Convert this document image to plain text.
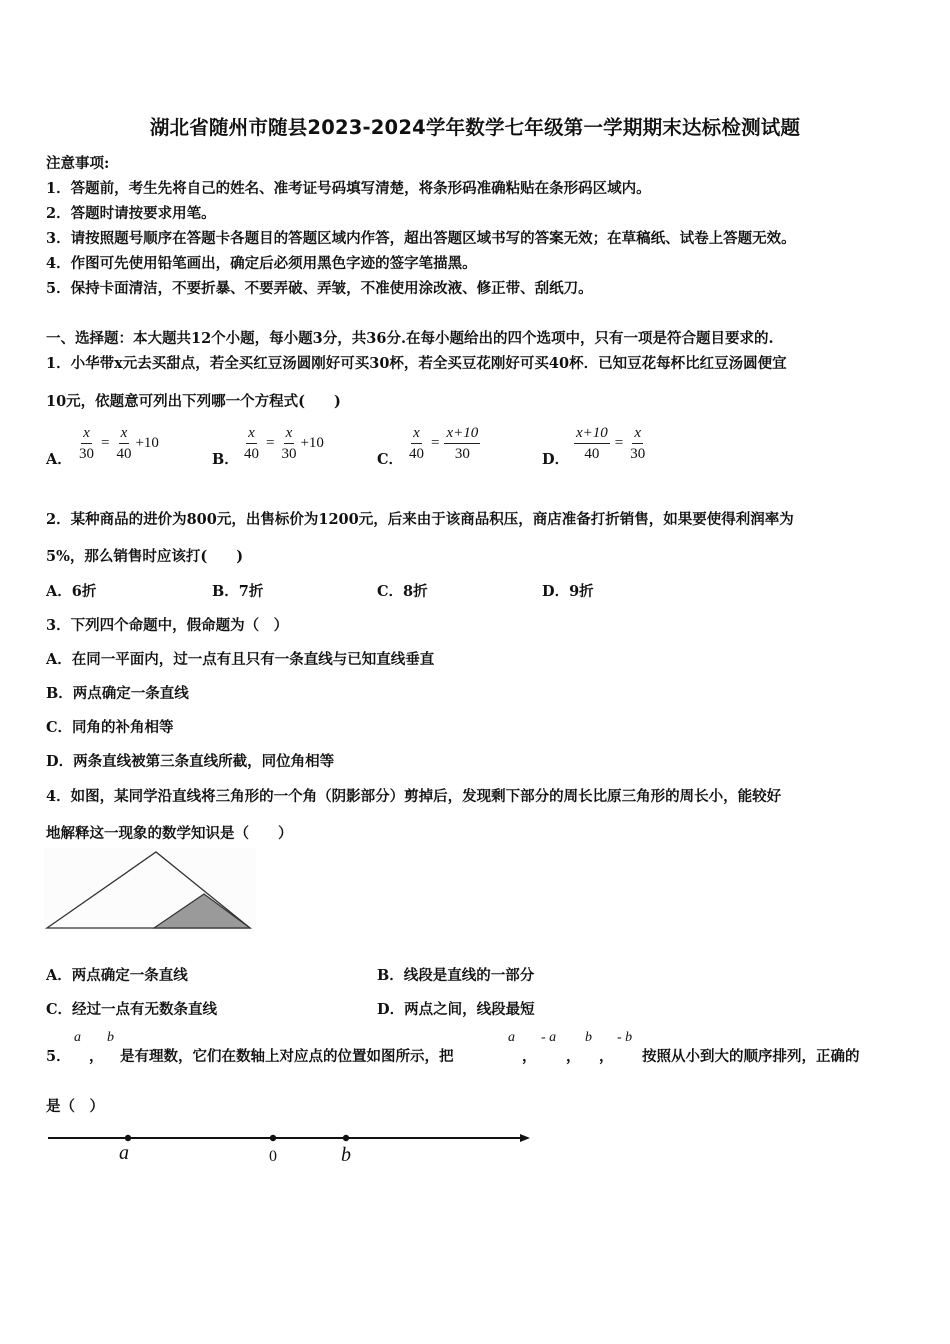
湖北省随州市随县2023-2024学年数学七年级第一学期期末达标检测试题
注意事项:
1．答题前，考生先将自己的姓名、准考证号码填写清楚，将条形码准确粘贴在条形码区域内。
2．答题时请按要求用笔。
3．请按照题号顺序在答题卡各题目的答题区域内作答，超出答题区域书写的答案无效；在草稿纸、试卷上答题无效。
4．作图可先使用铅笔画出，确定后必须用黑色字迹的签字笔描黑。
5．保持卡面清洁，不要折暴、不要弄破、弄皱，不准使用涂改液、修正带、刮纸刀。
一、选择题：本大题共12个小题，每小题3分，共36分.在每小题给出的四个选项中，只有一项是符合题目要求的.
1．小华带x元去买甜点，若全买红豆汤圆刚好可买30杯，若全买豆花刚好可买40杯．已知豆花每杯比红豆汤圆便宜
10元，依题意可列出下列哪一个方程式(　　)
A． $\frac{x}{30} = \frac{x}{40} +10$
B． $\frac{x}{40} = \frac{x}{30} +10$
C． $\frac{x}{40} = \frac{x+10}{30}$	D． $\frac{x+10}{40} = \frac{x}{30}$
2．某种商品的进价为800元，出售标价为1200元，后来由于该商品积压，商店准备打折销售，如果要使得利润率为
5%，那么销售时应该打(　　)
A．6折	B．7折	C．8折	D．9折
3．下列四个命题中，假命题为（　）
A．在同一平面内，过一点有且只有一条直线与已知直线垂直
B．两点确定一条直线
C．同角的补角相等
D．两条直线被第三条直线所截，同位角相等
4．如图，某同学沿直线将三角形的一个角（阴影部分）剪掉后，发现剩下部分的周长比原三角形的周长小，能较好
地解释这一现象的数学知识是（　　）
A．两点确定一条直线	B．线段是直线的一部分
C．经过一点有无数条直线	D．两点之间，线段最短
5．
a
，
b
是有理数，它们在数轴上对应点的位置如图所示，把
a
，
- a
，
b
，
- b
按照从小到大的顺序排列，正确的
是（　）
a	0	b
